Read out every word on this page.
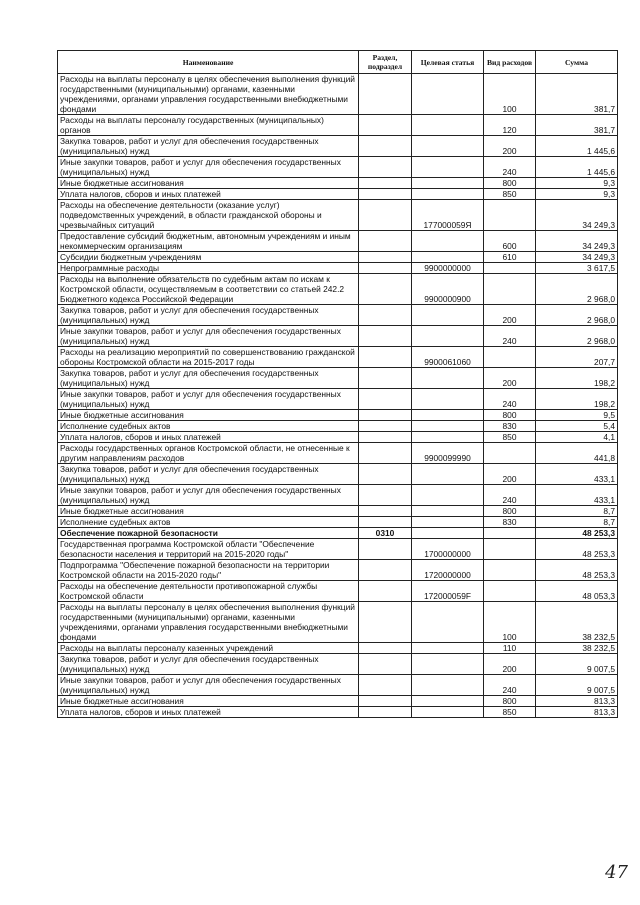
Наименование	Раздел, подраздел	Целевая статья	Вид расходов	Сумма
Расходы на выплаты персоналу в целях обеспечения выполнения функций государственными (муниципальными) органами, казенными учреждениями, органами управления государственными внебюджетными фондами			100	381,7
Расходы на выплаты персоналу государственных (муниципальных) органов			120	381,7
Закупка товаров, работ и услуг для обеспечения государственных (муниципальных) нужд			200	1 445,6
Иные закупки товаров, работ и услуг для обеспечения государственных (муниципальных) нужд			240	1 445,6
Иные бюджетные ассигнования			800	9,3
Уплата налогов, сборов и иных платежей			850	9,3
Расходы на обеспечение деятельности (оказание услуг) подведомственных учреждений, в области гражданской обороны и чрезвычайных ситуаций		177000059Я		34 249,3
Предоставление субсидий бюджетным, автономным учреждениям и иным некоммерческим организациям			600	34 249,3
Субсидии бюджетным учреждениям			610	34 249,3
Непрограммные расходы		9900000000		3 617,5
Расходы на выполнение обязательств по судебным актам по искам к Костромской области, осуществляемым в соответствии со статьей 242.2 Бюджетного кодекса Российской Федерации		9900000900		2 968,0
Закупка товаров, работ и услуг для обеспечения государственных (муниципальных) нужд			200	2 968,0
Иные закупки товаров, работ и услуг для обеспечения государственных (муниципальных) нужд			240	2 968,0
Расходы на реализацию мероприятий по совершенствованию гражданской обороны Костромской области на 2015-2017 годы		9900061060		207,7
Закупка товаров, работ и услуг для обеспечения государственных (муниципальных) нужд			200	198,2
Иные закупки товаров, работ и услуг для обеспечения государственных (муниципальных) нужд			240	198,2
Иные бюджетные ассигнования			800	9,5
Исполнение судебных актов			830	5,4
Уплата налогов, сборов и иных платежей			850	4,1
Расходы государственных органов Костромской области, не отнесенные к другим направлениям расходов		9900099990		441,8
Закупка товаров, работ и услуг для обеспечения государственных (муниципальных) нужд			200	433,1
Иные закупки товаров, работ и услуг для обеспечения государственных (муниципальных) нужд			240	433,1
Иные бюджетные ассигнования			800	8,7
Исполнение судебных актов			830	8,7
Обеспечение пожарной безопасности	0310			48 253,3
Государственная программа Костромской области "Обеспечение безопасности населения и территорий на 2015-2020 годы"		1700000000		48 253,3
Подпрограмма "Обеспечение пожарной безопасности на территории Костромской области на 2015-2020 годы"		1720000000		48 253,3
Расходы на обеспечение деятельности противопожарной службы Костромской области		172000059F		48 053,3
Расходы на выплаты персоналу в целях обеспечения выполнения функций государственными (муниципальными) органами, казенными учреждениями, органами управления государственными внебюджетными фондами			100	38 232,5
Расходы на выплаты персоналу казенных учреждений			110	38 232,5
Закупка товаров, работ и услуг для обеспечения государственных (муниципальных) нужд			200	9 007,5
Иные закупки товаров, работ и услуг для обеспечения государственных (муниципальных) нужд			240	9 007,5
Иные бюджетные ассигнования			800	813,3
Уплата налогов, сборов и иных платежей			850	813,3
47
